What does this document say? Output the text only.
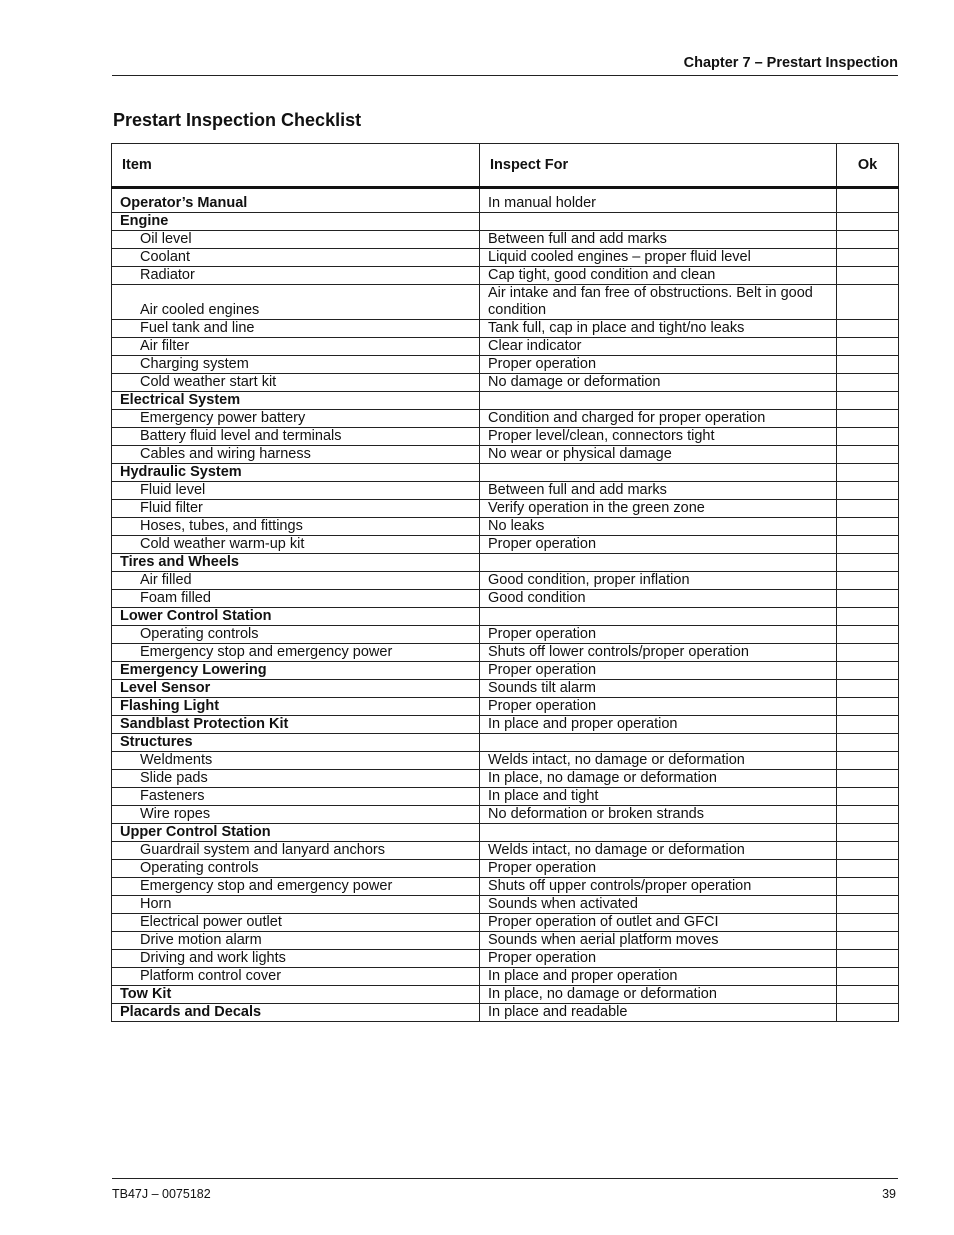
Chapter 7 – Prestart Inspection
Prestart Inspection Checklist
Item	Inspect For	Ok
Operator’s Manual	In manual holder	
Engine		
Oil level	Between full and add marks	
Coolant	Liquid cooled engines – proper fluid level	
Radiator	Cap tight, good condition and clean	
Air cooled engines	Air intake and fan free of obstructions. Belt in good condition	
Fuel tank and line	Tank full, cap in place and tight/no leaks	
Air filter	Clear indicator	
Charging system	Proper operation	
Cold weather start kit	No damage or deformation	
Electrical System		
Emergency power battery	Condition and charged for proper operation	
Battery fluid level and terminals	Proper level/clean, connectors tight	
Cables and wiring harness	No wear or physical damage	
Hydraulic System		
Fluid level	Between full and add marks	
Fluid filter	Verify operation in the green zone	
Hoses, tubes, and fittings	No leaks	
Cold weather warm-up kit	Proper operation	
Tires and Wheels		
Air filled	Good condition, proper inflation	
Foam filled	Good condition	
Lower Control Station		
Operating controls	Proper operation	
Emergency stop and emergency power	Shuts off lower controls/proper operation	
Emergency Lowering	Proper operation	
Level Sensor	Sounds tilt alarm	
Flashing Light	Proper operation	
Sandblast Protection Kit	In place and proper operation	
Structures		
Weldments	Welds intact, no damage or deformation	
Slide pads	In place, no damage or deformation	
Fasteners	In place and tight	
Wire ropes	No deformation or broken strands	
Upper Control Station		
Guardrail system and lanyard anchors	Welds intact, no damage or deformation	
Operating controls	Proper operation	
Emergency stop and emergency power	Shuts off upper controls/proper operation	
Horn	Sounds when activated	
Electrical power outlet	Proper operation of outlet and GFCI	
Drive motion alarm	Sounds when aerial platform moves	
Driving and work lights	Proper operation	
Platform control cover	In place and proper operation	
Tow Kit	In place, no damage or deformation	
Placards and Decals	In place and readable	
TB47J – 0075182	39
